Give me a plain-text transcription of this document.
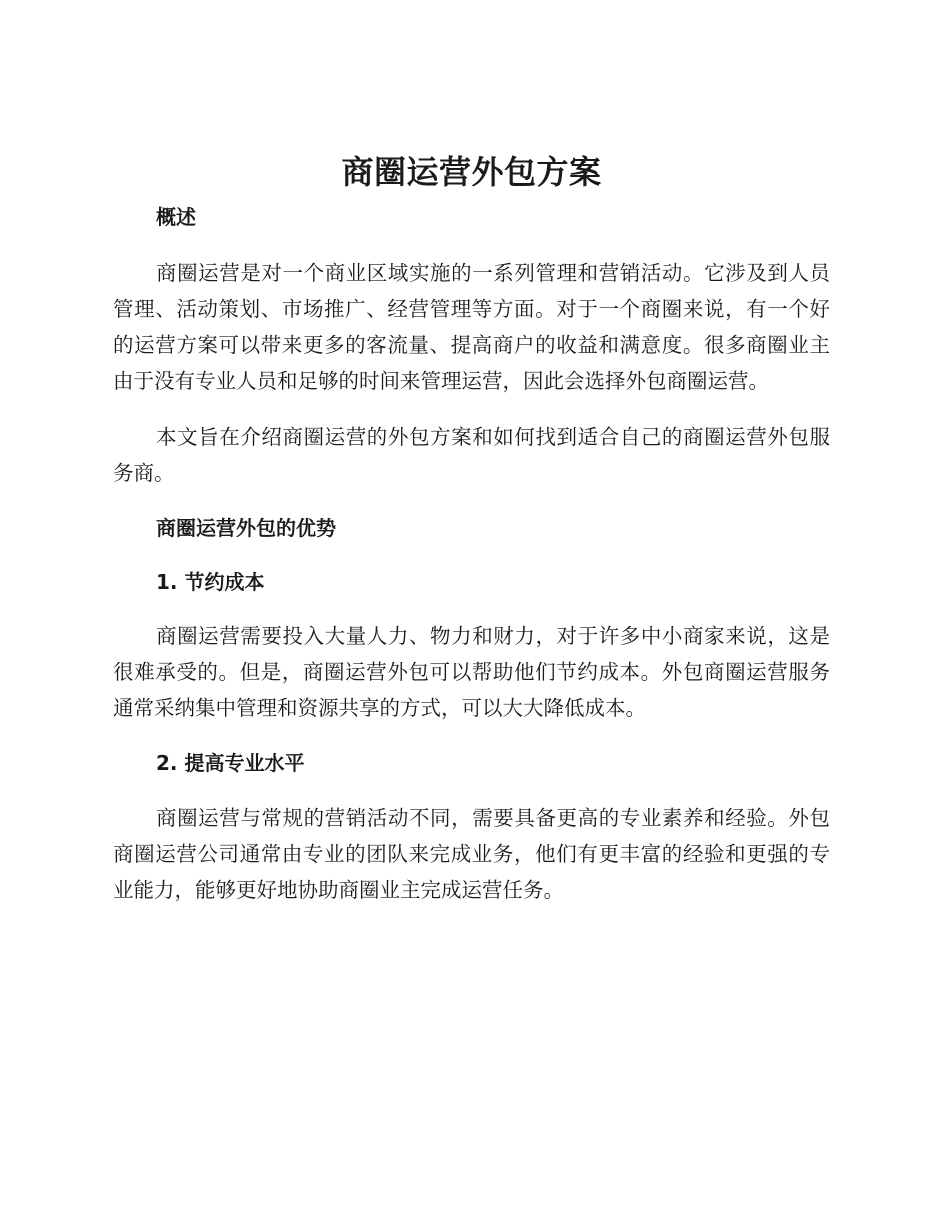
商圈运营外包方案
概述

商圈运营是对一个商业区域实施的一系列管理和营销活动。它涉及到人员管理、活动策划、市场推广、经营管理等方面。对于一个商圈来说，有一个好的运营方案可以带来更多的客流量、提高商户的收益和满意度。很多商圈业主由于没有专业人员和足够的时间来管理运营，因此会选择外包商圈运营。

本文旨在介绍商圈运营的外包方案和如何找到适合自己的商圈运营外包服务商。

商圈运营外包的优势
1. 节约成本

商圈运营需要投入大量人力、物力和财力，对于许多中小商家来说，这是很难承受的。但是，商圈运营外包可以帮助他们节约成本。外包商圈运营服务通常采纳集中管理和资源共享的方式，可以大大降低成本。

2. 提高专业水平

商圈运营与常规的营销活动不同，需要具备更高的专业素养和经验。外包商圈运营公司通常由专业的团队来完成业务，他们有更丰富的经验和更强的专业能力，能够更好地协助商圈业主完成运营任务。
